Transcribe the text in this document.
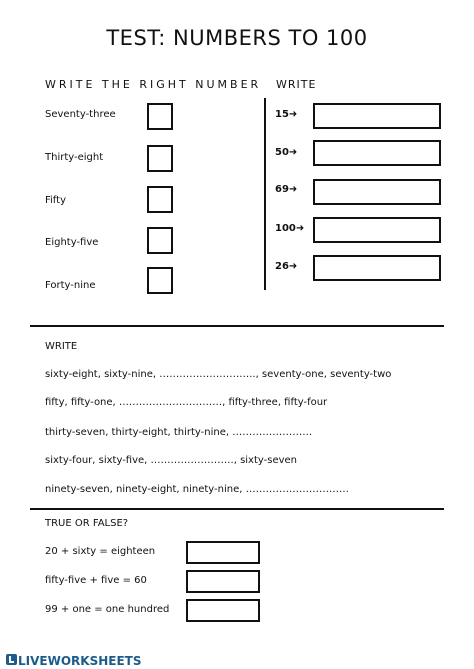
TEST: NUMBERS TO 100
WRITE THE RIGHT NUMBER
Seventy-three
Thirty-eight
Fifty
Eighty-five
Forty-nine
WRITE
15➜
50➜
69➜
100➜
26➜
WRITE
sixty-eight, sixty-nine, ……………………….., seventy-one, seventy-two
fifty, fifty-one, …………………………., fifty-three, fifty-four
thirty-seven, thirty-eight, thirty-nine, ……………………
sixty-four, sixty-five, ……………………., sixty-seven
ninety-seven, ninety-eight, ninety-nine, ………………………….
TRUE OR FALSE?
20 + sixty = eighteen
fifty-five + five = 60
99 + one = one hundred
LIVEWORKSHEETS
